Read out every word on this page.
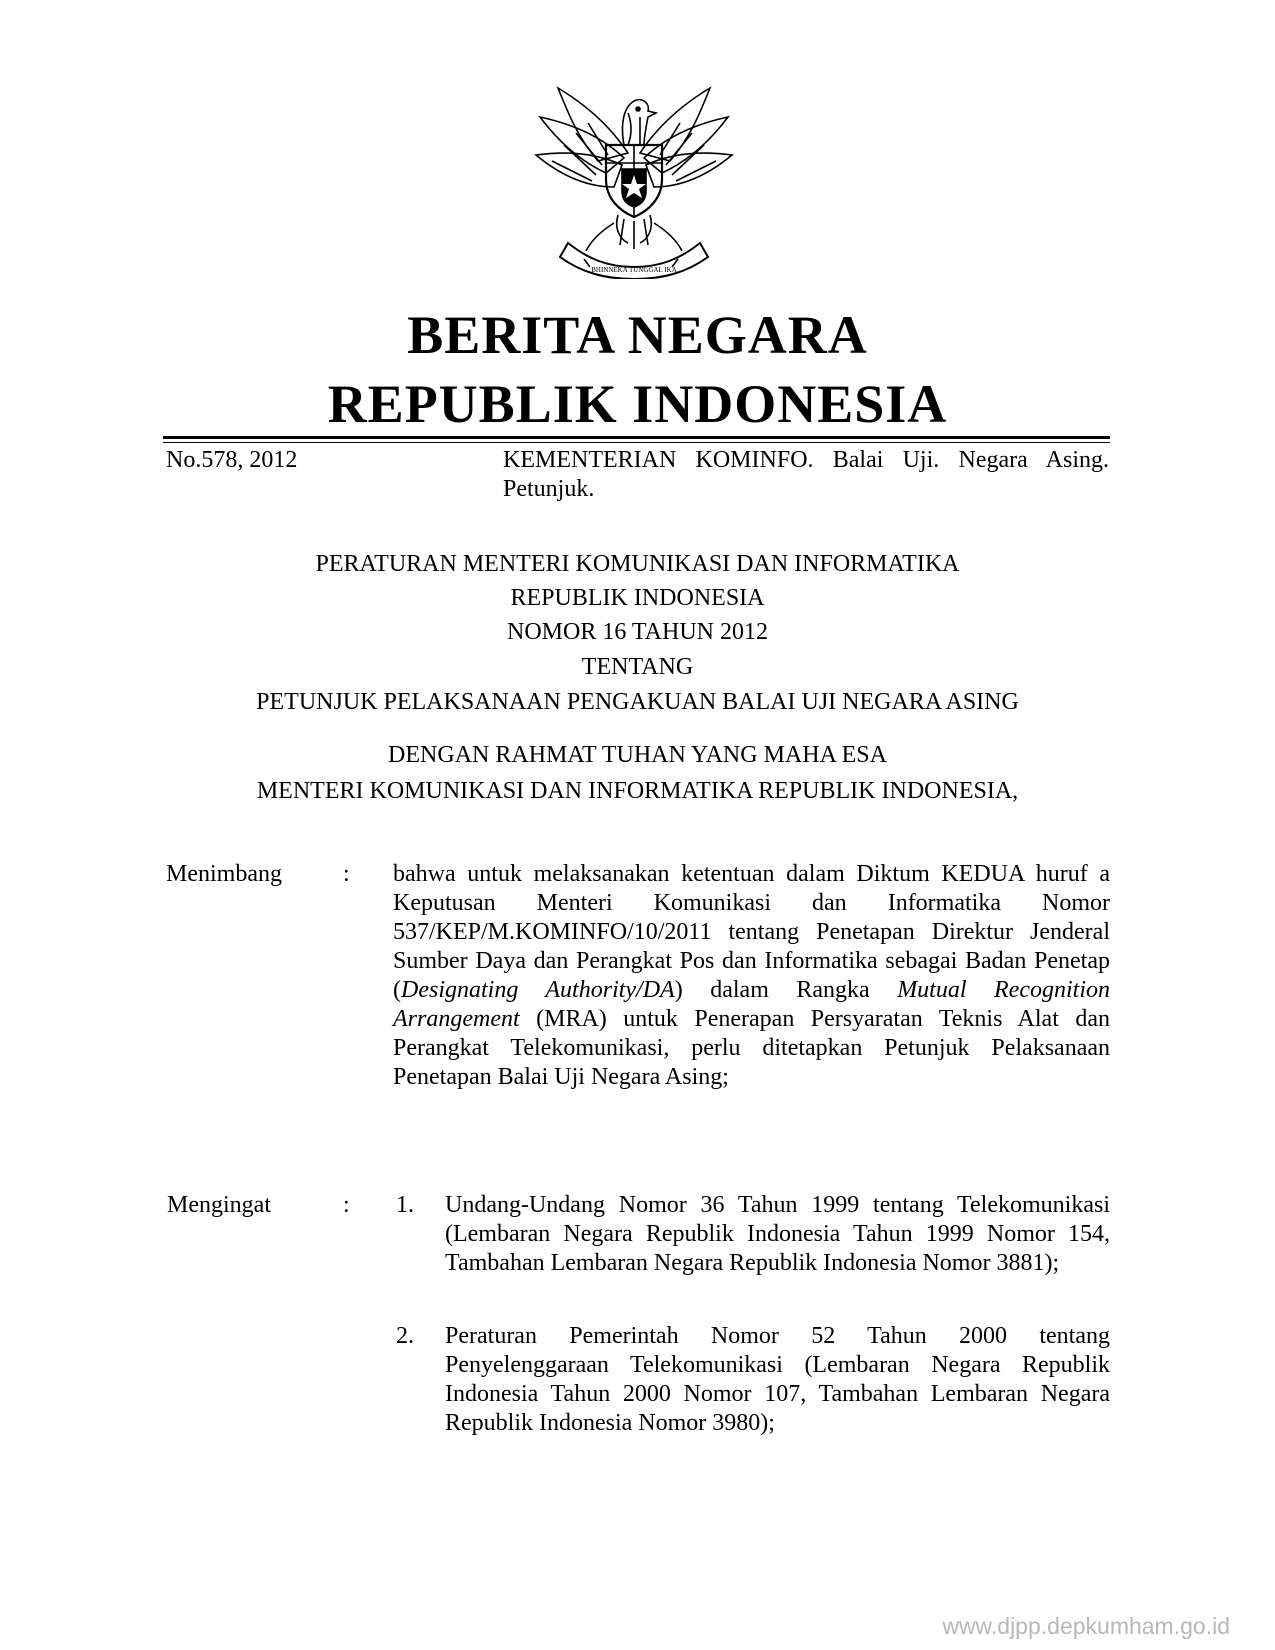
BHINNEKA TUNGGAL IKA
BERITA NEGARA
REPUBLIK INDONESIA
No.578, 2012	KEMENTERIAN KOMINFO. Balai Uji. Negara Asing. Petunjuk.
PERATURAN MENTERI KOMUNIKASI DAN INFORMATIKA
REPUBLIK INDONESIA
NOMOR 16 TAHUN 2012
TENTANG
PETUNJUK PELAKSANAAN PENGAKUAN BALAI UJI NEGARA ASING
DENGAN RAHMAT TUHAN YANG MAHA ESA
MENTERI KOMUNIKASI DAN INFORMATIKA REPUBLIK INDONESIA,
Menimbang	: bahwa untuk melaksanakan ketentuan dalam Diktum KEDUA huruf a Keputusan Menteri Komunikasi dan Informatika Nomor 537/KEP/M.KOMINFO/10/2011 tentang Penetapan Direktur Jenderal Sumber Daya dan Perangkat Pos dan Informatika sebagai Badan Penetap (Designating Authority/DA) dalam Rangka Mutual Recognition Arrangement (MRA) untuk Penerapan Persyaratan Teknis Alat dan Perangkat Telekomunikasi, perlu ditetapkan Petunjuk Pelaksanaan Penetapan Balai Uji Negara Asing;
Mengingat	: 1. Undang-Undang Nomor 36 Tahun 1999 tentang Telekomunikasi (Lembaran Negara Republik Indonesia Tahun 1999 Nomor 154, Tambahan Lembaran Negara Republik Indonesia Nomor 3881);
2. Peraturan Pemerintah Nomor 52 Tahun 2000 tentang Penyelenggaraan Telekomunikasi (Lembaran Negara Republik Indonesia Tahun 2000 Nomor 107, Tambahan Lembaran Negara Republik Indonesia Nomor 3980);
www.djpp.depkumham.go.id
